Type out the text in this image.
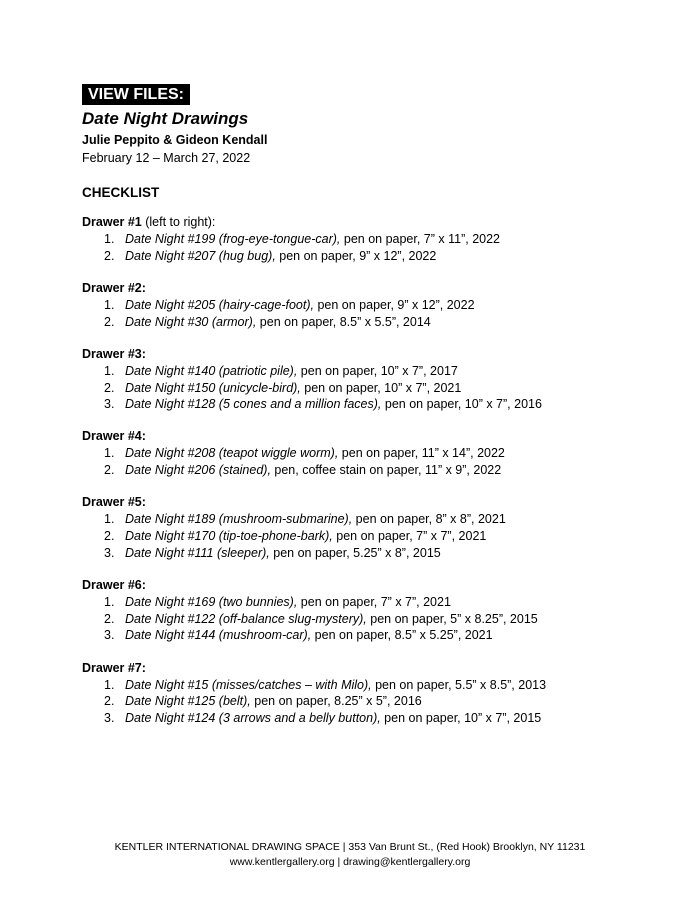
VIEW FILES:
Date Night Drawings
Julie Peppito & Gideon Kendall
February 12 – March 27, 2022
CHECKLIST
Drawer #1 (left to right):
1. Date Night #199 (frog-eye-tongue-car), pen on paper, 7” x 11”, 2022
2. Date Night #207 (hug bug), pen on paper, 9” x 12”, 2022
Drawer #2:
1. Date Night #205 (hairy-cage-foot), pen on paper, 9” x 12”, 2022
2. Date Night #30 (armor), pen on paper, 8.5” x 5.5”, 2014
Drawer #3:
1. Date Night #140 (patriotic pile), pen on paper, 10” x 7”, 2017
2. Date Night #150 (unicycle-bird), pen on paper, 10” x 7”, 2021
3. Date Night #128 (5 cones and a million faces), pen on paper, 10” x 7”, 2016
Drawer #4:
1. Date Night #208 (teapot wiggle worm), pen on paper, 11” x 14”, 2022
2. Date Night #206 (stained), pen, coffee stain on paper, 11” x 9”, 2022
Drawer #5:
1. Date Night #189 (mushroom-submarine), pen on paper, 8” x 8”, 2021
2. Date Night #170 (tip-toe-phone-bark), pen on paper, 7” x 7”, 2021
3. Date Night #111 (sleeper), pen on paper, 5.25” x 8”, 2015
Drawer #6:
1. Date Night #169 (two bunnies), pen on paper, 7” x 7”, 2021
2. Date Night #122 (off-balance slug-mystery), pen on paper, 5” x 8.25”, 2015
3. Date Night #144 (mushroom-car), pen on paper, 8.5” x 5.25”, 2021
Drawer #7:
1. Date Night #15 (misses/catches – with Milo), pen on paper, 5.5” x 8.5”, 2013
2. Date Night #125 (belt), pen on paper, 8.25” x 5”, 2016
3. Date Night #124 (3 arrows and a belly button), pen on paper, 10” x 7”, 2015
KENTLER INTERNATIONAL DRAWING SPACE | 353 Van Brunt St., (Red Hook) Brooklyn, NY 11231
www.kentlergallery.org | drawing@kentlergallery.org
